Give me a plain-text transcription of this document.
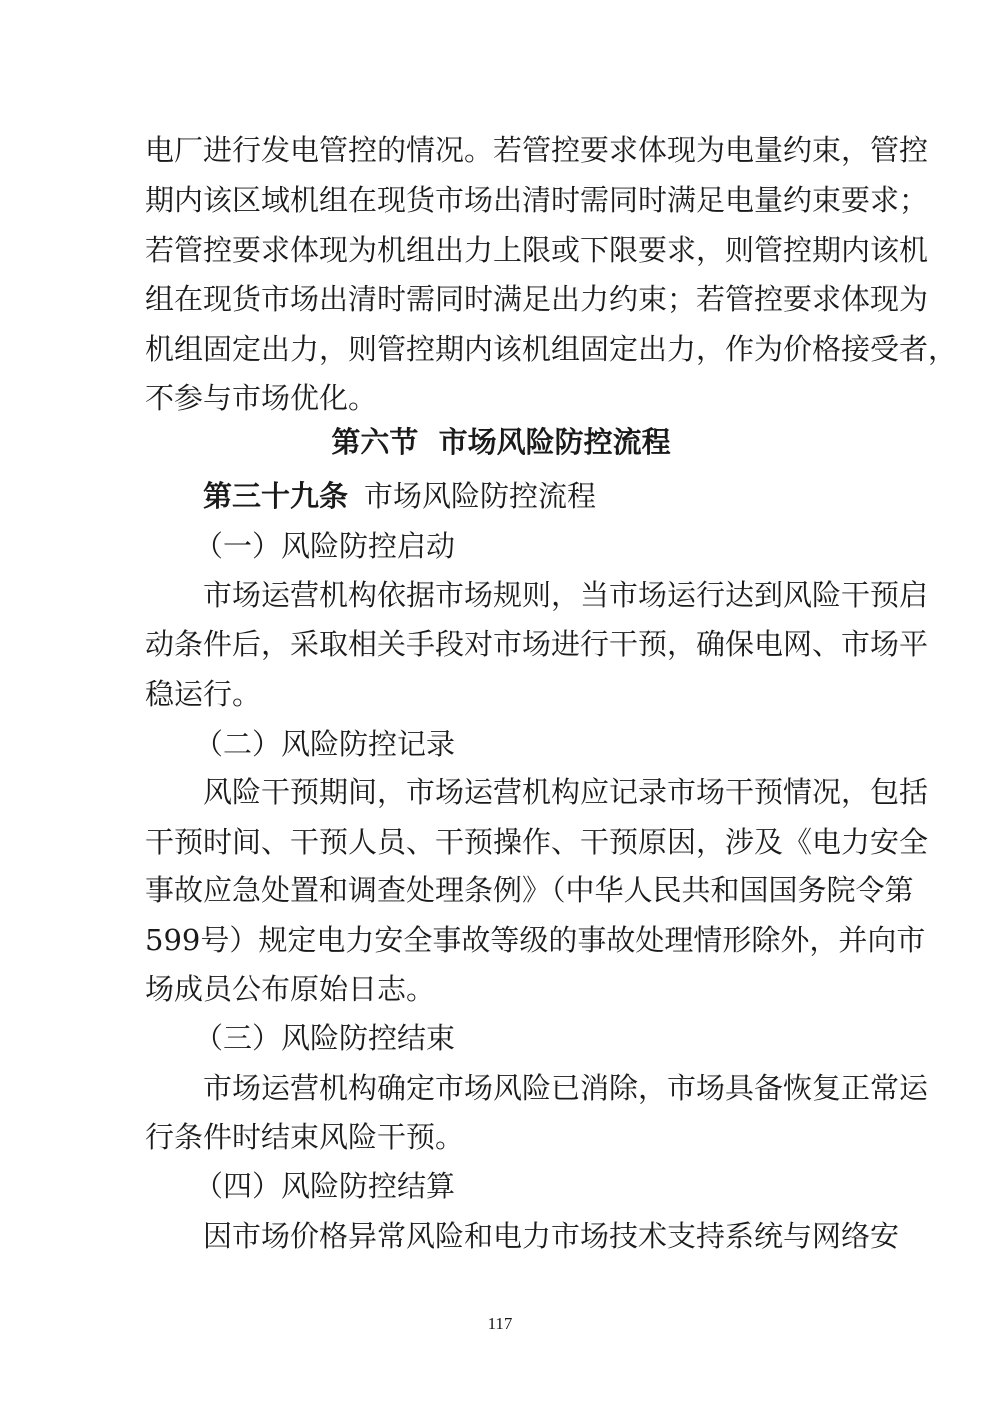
电厂进行发电管控的情况。若管控要求体现为电量约束，管控
期内该区域机组在现货市场出清时需同时满足电量约束要求；
若管控要求体现为机组出力上限或下限要求，则管控期内该机
组在现货市场出清时需同时满足出力约束；若管控要求体现为
机组固定出力，则管控期内该机组固定出力，作为价格接受者，
不参与市场优化。
第六节  市场风险防控流程
第三十九条 市场风险防控流程
（一）风险防控启动
市场运营机构依据市场规则，当市场运行达到风险干预启
动条件后，采取相关手段对市场进行干预，确保电网、市场平
稳运行。
（二）风险防控记录
风险干预期间，市场运营机构应记录市场干预情况，包括
干预时间、干预人员、干预操作、干预原因，涉及《电力安全
事故应急处置和调查处理条例》（中华人民共和国国务院令第
599号）规定电力安全事故等级的事故处理情形除外，并向市
场成员公布原始日志。
（三）风险防控结束
市场运营机构确定市场风险已消除，市场具备恢复正常运
行条件时结束风险干预。
（四）风险防控结算
因市场价格异常风险和电力市场技术支持系统与网络安
117
